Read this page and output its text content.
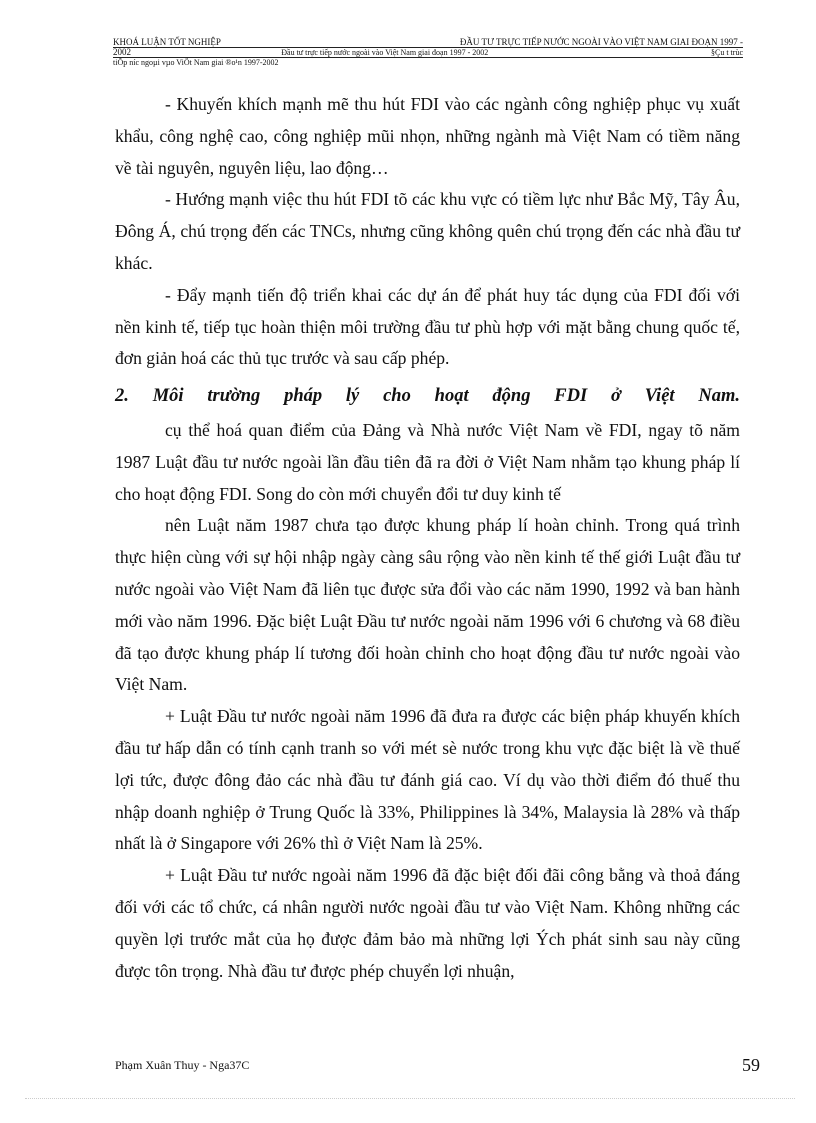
KHOÁ LUẬN TỐT NGHIỆP	ĐẦU TƯ TRỰC TIẾP NƯỚC NGOÀI VÀO VIỆT NAM GIAI ĐOẠN 1997 -
2002	Đầu tư trực tiếp nước ngoài vào Việt Nam giai đoạn 1997 - 2002	§Çu t trùc
tiÕp níc ngoµi vµo ViÖt Nam giai ®o¹n 1997-2002

- Khuyến khích mạnh mẽ thu hút FDI vào các ngành công nghiệp phục vụ xuất khẩu, công nghệ cao, công nghiệp mũi nhọn, những ngành mà Việt Nam có tiềm năng về tài nguyên, nguyên liệu, lao động…

- Hướng mạnh việc thu hút FDI tõ các khu vực có tiềm lực như Bắc Mỹ, Tây Âu, Đông Á, chú trọng đến các TNCs, nhưng cũng không quên chú trọng đến các nhà đầu tư khác.

- Đẩy mạnh tiến độ triển khai các dự án để phát huy tác dụng của FDI đối với nền kinh tế, tiếp tục hoàn thiện môi trường đầu tư phù hợp với mặt bằng chung quốc tế, đơn giản hoá các thủ tục trước và sau cấp phép.

2.   Môi   trường   pháp   lý   cho   hoạt   động   FDI   ở   Việt   Nam.

cụ thể hoá quan điểm của Đảng và Nhà nước Việt Nam về FDI, ngay tõ năm 1987 Luật đầu tư nước ngoài lần đầu tiên đã ra đời ở Việt Nam nhằm tạo khung pháp lí cho hoạt động FDI. Song do còn mới chuyển đổi tư duy kinh tế

nên Luật năm 1987 chưa tạo được khung pháp lí hoàn chỉnh. Trong quá trình thực hiện cùng với sự hội nhập ngày càng sâu rộng vào nền kinh tế thế giới Luật đầu tư nước ngoài vào Việt Nam đã liên tục được sửa đổi vào các năm 1990, 1992 và ban hành mới vào năm 1996. Đặc biệt Luật Đầu tư nước ngoài năm 1996 với 6 chương và 68 điều đã tạo được khung pháp lí tương đối hoàn chỉnh cho hoạt động đầu tư nước ngoài vào Việt Nam.

+ Luật Đầu tư nước ngoài năm 1996 đã đưa ra được các biện pháp khuyến khích đầu tư hấp dẫn có tính cạnh tranh so với mét sè nước trong khu vực đặc biệt là về thuế lợi tức, được đông đảo các nhà đầu tư đánh giá cao. Ví dụ vào thời điểm đó thuế thu nhập doanh nghiệp ở Trung Quốc là 33%, Philippines là 34%, Malaysia là 28% và thấp nhất là ở Singapore với 26% thì ở Việt Nam là 25%.

+ Luật Đầu tư nước ngoài năm 1996 đã đặc biệt đối đãi công bằng và thoả đáng đối với các tổ chức, cá nhân người nước ngoài đầu tư vào Việt Nam. Không những các quyền lợi trước mắt của họ được đảm bảo mà những lợi Ých phát sinh sau này cũng được tôn trọng. Nhà đầu tư được phép chuyển lợi nhuận,

Phạm Xuân Thuy - Nga37C	59
